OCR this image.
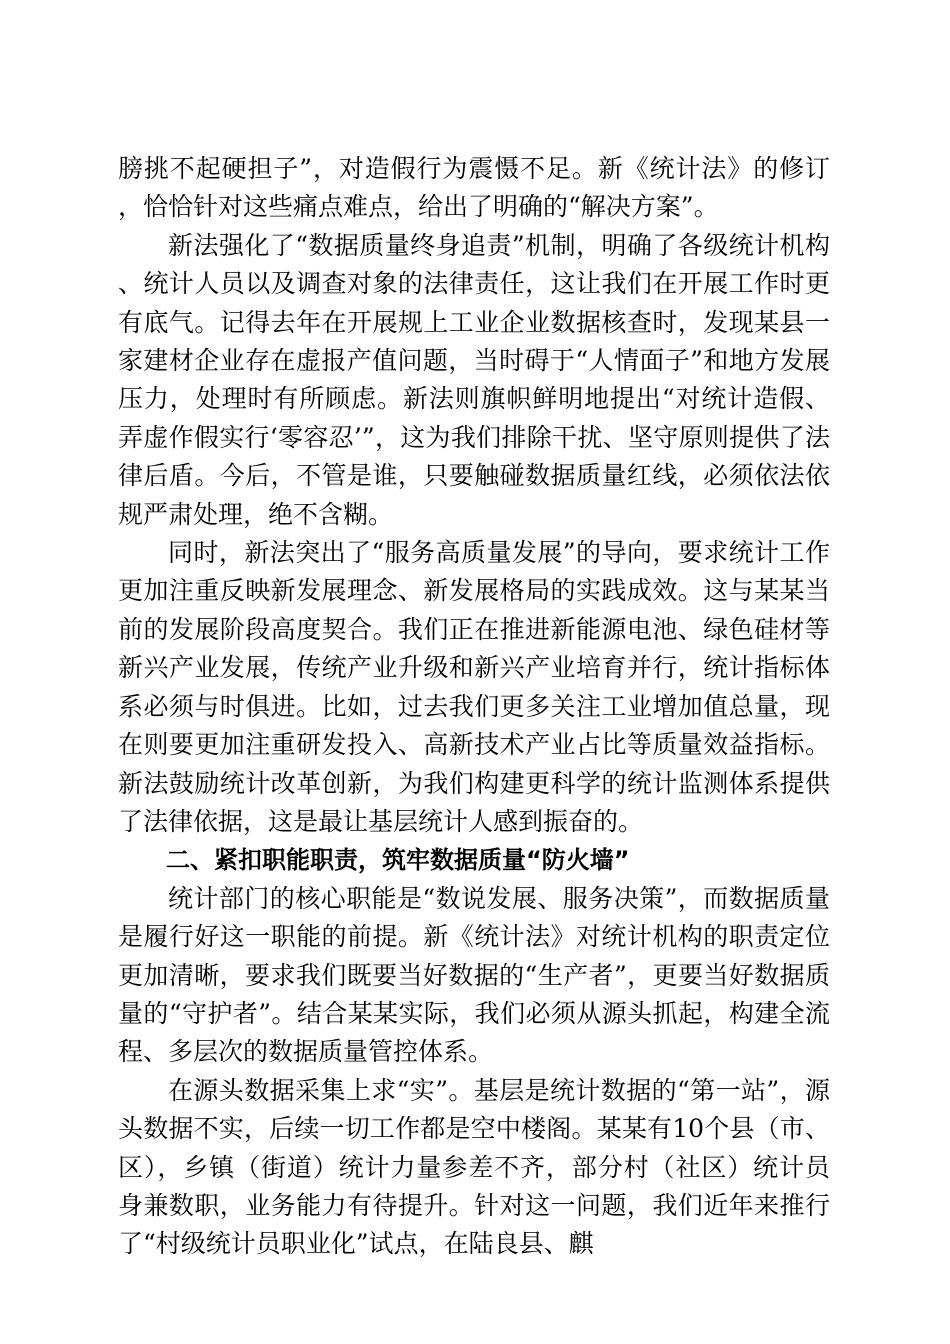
膀挑不起硬担子”，对造假行为震慑不足。新《统计法》的修订，恰恰针对这些痛点难点，给出了明确的“解决方案”。

新法强化了“数据质量终身追责”机制，明确了各级统计机构、统计人员以及调查对象的法律责任，这让我们在开展工作时更有底气。记得去年在开展规上工业企业数据核查时，发现某县一家建材企业存在虚报产值问题，当时碍于“人情面子”和地方发展压力，处理时有所顾虑。新法则旗帜鲜明地提出“对统计造假、弄虚作假实行‘零容忍’”，这为我们排除干扰、坚守原则提供了法律后盾。今后，不管是谁，只要触碰数据质量红线，必须依法依规严肃处理，绝不含糊。

同时，新法突出了“服务高质量发展”的导向，要求统计工作更加注重反映新发展理念、新发展格局的实践成效。这与某某当前的发展阶段高度契合。我们正在推进新能源电池、绿色硅材等新兴产业发展，传统产业升级和新兴产业培育并行，统计指标体系必须与时俱进。比如，过去我们更多关注工业增加值总量，现在则要更加注重研发投入、高新技术产业占比等质量效益指标。新法鼓励统计改革创新，为我们构建更科学的统计监测体系提供了法律依据，这是最让基层统计人感到振奋的。

二、紧扣职能职责，筑牢数据质量“防火墙”

统计部门的核心职能是“数说发展、服务决策”，而数据质量是履行好这一职能的前提。新《统计法》对统计机构的职责定位更加清晰，要求我们既要当好数据的“生产者”，更要当好数据质量的“守护者”。结合某某实际，我们必须从源头抓起，构建全流程、多层次的数据质量管控体系。

在源头数据采集上求“实”。基层是统计数据的“第一站”，源头数据不实，后续一切工作都是空中楼阁。某某有10个县（市、区），乡镇（街道）统计力量参差不齐，部分村（社区）统计员身兼数职，业务能力有待提升。针对这一问题，我们近年来推行了“村级统计员职业化”试点，在陆良县、麒
